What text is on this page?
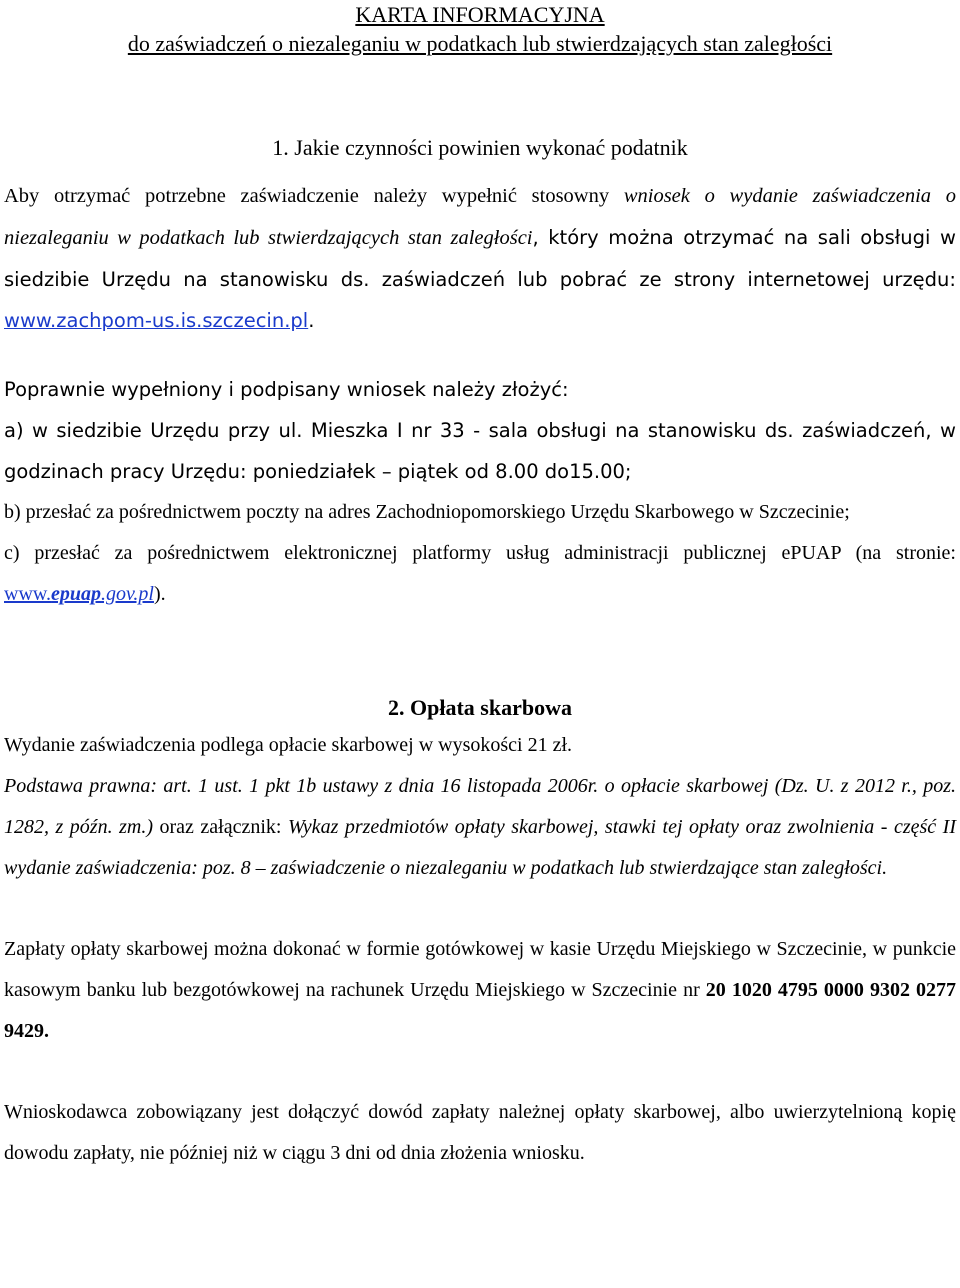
KARTA INFORMACYJNA

do zaświadczeń o niezaleganiu w podatkach lub stwierdzających stan zaległości

1. Jakie czynności powinien wykonać podatnik

Aby otrzymać potrzebne zaświadczenie należy wypełnić stosowny wniosek o wydanie zaświadczenia o niezaleganiu w podatkach lub stwierdzających stan zaległości, który można otrzymać na sali obsługi w siedzibie Urzędu na stanowisku ds. zaświadczeń lub pobrać ze strony internetowej urzędu: www.zachpom-us.is.szczecin.pl.

Poprawnie wypełniony i podpisany wniosek należy złożyć:

a) w siedzibie Urzędu przy ul. Mieszka I nr 33 - sala obsługi na stanowisku ds. zaświadczeń, w godzinach pracy Urzędu: poniedziałek – piątek od 8.00 do15.00;

b) przesłać za pośrednictwem poczty na adres Zachodniopomorskiego Urzędu Skarbowego w Szczecinie;

c) przesłać za pośrednictwem elektronicznej platformy usług administracji publicznej ePUAP (na stronie: www.epuap.gov.pl).

2. Opłata skarbowa

Wydanie zaświadczenia podlega opłacie skarbowej w wysokości 21 zł.

Podstawa prawna: art. 1 ust. 1 pkt 1b ustawy z dnia 16 listopada 2006r. o opłacie skarbowej (Dz. U. z 2012 r., poz. 1282, z późn. zm.) oraz załącznik: Wykaz przedmiotów opłaty skarbowej, stawki tej opłaty oraz zwolnienia - część II wydanie zaświadczenia: poz. 8 – zaświadczenie o niezaleganiu w podatkach lub stwierdzające stan zaległości.

Zapłaty opłaty skarbowej można dokonać w formie gotówkowej w kasie Urzędu Miejskiego w Szczecinie, w punkcie kasowym banku lub bezgotówkowej na rachunek Urzędu Miejskiego w Szczecinie nr 20 1020 4795 0000 9302 0277 9429.

Wnioskodawca zobowiązany jest dołączyć dowód zapłaty należnej opłaty skarbowej, albo uwierzytelnioną kopię dowodu zapłaty, nie później niż w ciągu 3 dni od dnia złożenia wniosku.
